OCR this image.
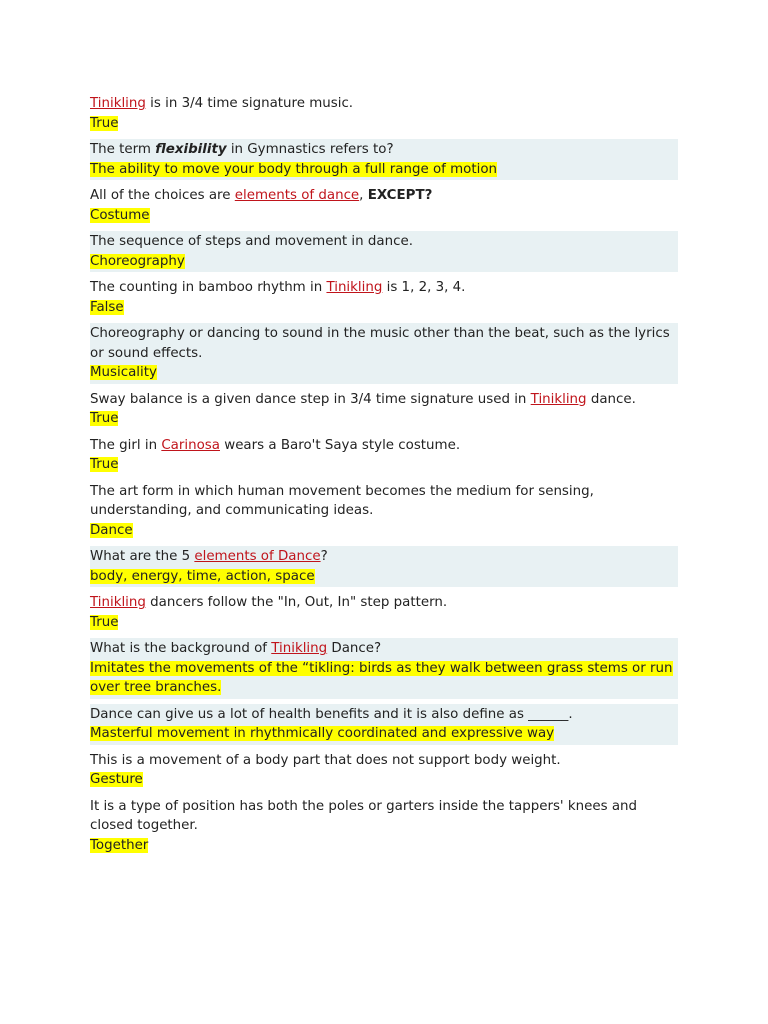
Tinikling is in 3/4 time signature music.
True
The term flexibility in Gymnastics refers to?
The ability to move your body through a full range of motion
All of the choices are elements of dance, EXCEPT?
Costume
The sequence of steps and movement in dance.
Choreography
The counting in bamboo rhythm in Tinikling is 1, 2, 3, 4.
False
Choreography or dancing to sound in the music other than the beat, such as the lyrics or sound effects.
Musicality
Sway balance is a given dance step in 3/4 time signature used in Tinikling dance.
True
The girl in Carinosa wears a Baro't Saya style costume.
True
The art form in which human movement becomes the medium for sensing, understanding, and communicating ideas.
Dance
What are the 5 elements of Dance?
body, energy, time, action, space
Tinikling dancers follow the "In, Out, In" step pattern.
True
What is the background of Tinikling Dance?
Imitates the movements of the “tikling: birds as they walk between grass stems or run over tree branches.
Dance can give us a lot of health benefits and it is also define as ______.
Masterful movement in rhythmically coordinated and expressive way
This is a movement of a body part that does not support body weight.
Gesture
It is a type of position has both the poles or garters inside the tappers' knees and closed together.
Together
